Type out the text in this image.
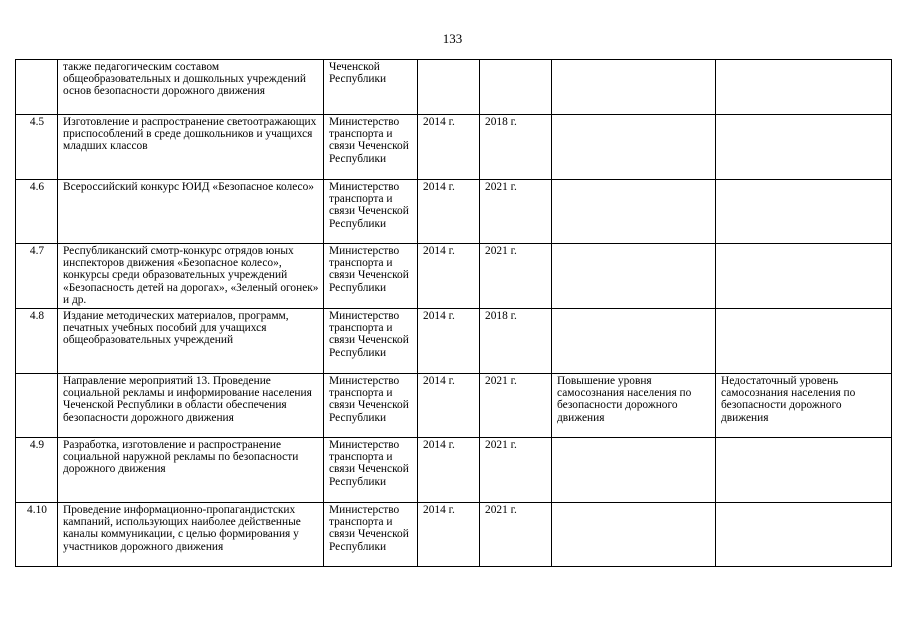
133
	также педагогическим составом общеобразовательных и дошкольных учреждений основ безопасности дорожного движения	Чеченской Республики				
4.5	Изготовление и распространение светоотражающих приспособлений в среде дошкольников и учащихся младших классов	Министерство транспорта и связи Чеченской Республики	2014 г.	2018 г.		
4.6	Всероссийский конкурс ЮИД «Безопасное колесо»	Министерство транспорта и связи Чеченской Республики	2014 г.	2021 г.		
4.7	Республиканский смотр-конкурс отрядов юных инспекторов движения «Безопасное колесо», конкурсы среди образовательных учреждений «Безопасность детей на дорогах», «Зеленый огонек» и др.	Министерство транспорта и связи Чеченской Республики	2014 г.	2021 г.		
4.8	Издание методических материалов, программ, печатных учебных пособий для учащихся общеобразовательных учреждений	Министерство транспорта и связи Чеченской Республики	2014 г.	2018 г.		
	Направление мероприятий 13. Проведение социальной рекламы и информирование населения Чеченской Республики в области обеспечения безопасности дорожного движения	Министерство транспорта и связи Чеченской Республики	2014 г.	2021 г.	Повышение уровня самосознания населения по безопасности дорожного движения	Недостаточный уровень самосознания населения по безопасности дорожного движения
4.9	Разработка, изготовление и распространение социальной наружной рекламы по безопасности дорожного движения	Министерство транспорта и связи Чеченской Республики	2014 г.	2021 г.		
4.10	Проведение информационно-пропагандистских кампаний, использующих наиболее действенные каналы коммуникации, с целью формирования у участников дорожного движения	Министерство транспорта и связи Чеченской Республики	2014 г.	2021 г.		
